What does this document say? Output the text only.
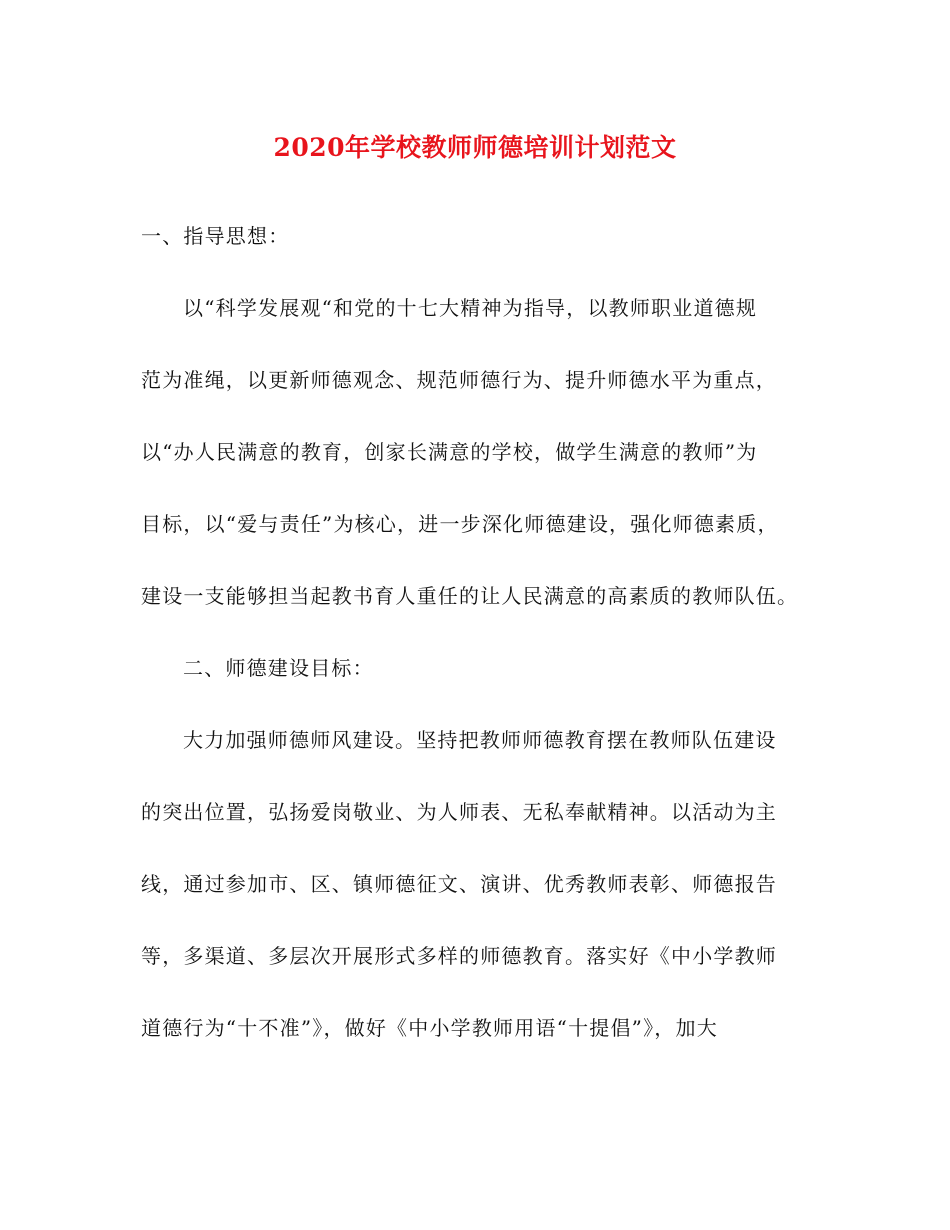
2020年学校教师师德培训计划范文
一、指导思想：
以“科学发展观“和党的十七大精神为指导，以教师职业道德规
范为准绳，以更新师德观念、规范师德行为、提升师德水平为重点，
以“办人民满意的教育，创家长满意的学校，做学生满意的教师”为
目标，以“爱与责任”为核心，进一步深化师德建设，强化师德素质，
建设一支能够担当起教书育人重任的让人民满意的高素质的教师队伍。
二、师德建设目标：
大力加强师德师风建设。坚持把教师师德教育摆在教师队伍建设
的突出位置，弘扬爱岗敬业、为人师表、无私奉献精神。以活动为主
线，通过参加市、区、镇师德征文、演讲、优秀教师表彰、师德报告
等，多渠道、多层次开展形式多样的师德教育。落实好《中小学教师
道德行为“十不准”》，做好《中小学教师用语“十提倡”》，加大
